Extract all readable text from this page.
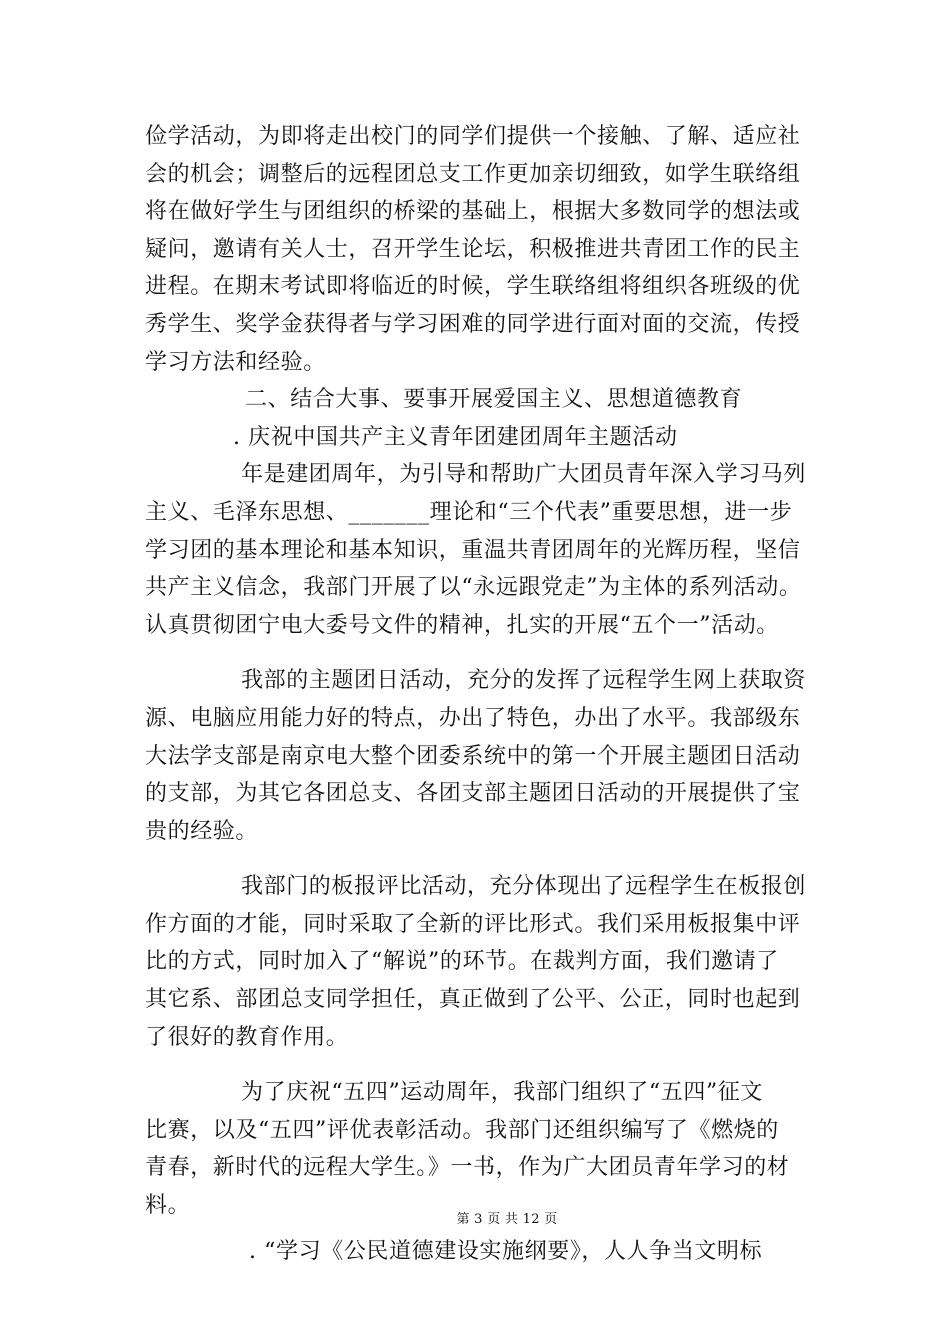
俭学活动，为即将走出校门的同学们提供一个接触、了解、适应社
会的机会；调整后的远程团总支工作更加亲切细致，如学生联络组
将在做好学生与团组织的桥梁的基础上，根据大多数同学的想法或
疑问，邀请有关人士，召开学生论坛，积极推进共青团工作的民主
进程。在期末考试即将临近的时候，学生联络组将组织各班级的优
秀学生、奖学金获得者与学习困难的同学进行面对面的交流，传授
学习方法和经验。
二、结合大事、要事开展爱国主义、思想道德教育
. 庆祝中国共产主义青年团建团周年主题活动
年是建团周年，为引导和帮助广大团员青年深入学习马列
主义、毛泽东思想、_______理论和“三个代表”重要思想，进一步
学习团的基本理论和基本知识，重温共青团周年的光辉历程，坚信
共产主义信念，我部门开展了以“永远跟党走”为主体的系列活动。
认真贯彻团宁电大委号文件的精神，扎实的开展“五个一”活动。
我部的主题团日活动，充分的发挥了远程学生网上获取资
源、电脑应用能力好的特点，办出了特色，办出了水平。我部级东
大法学支部是南京电大整个团委系统中的第一个开展主题团日活动
的支部，为其它各团总支、各团支部主题团日活动的开展提供了宝
贵的经验。
我部门的板报评比活动，充分体现出了远程学生在板报创
作方面的才能，同时采取了全新的评比形式。我们采用板报集中评
比的方式，同时加入了“解说”的环节。在裁判方面，我们邀请了
其它系、部团总支同学担任，真正做到了公平、公正，同时也起到
了很好的教育作用。
为了庆祝“五四”运动周年，我部门组织了“五四”征文
比赛，以及“五四”评优表彰活动。我部门还组织编写了《燃烧的
青春，新时代的远程大学生。》一书，作为广大团员青年学习的材
料。
. “学习《公民道德建设实施纲要》，人人争当文明标
第 3 页 共 12 页
